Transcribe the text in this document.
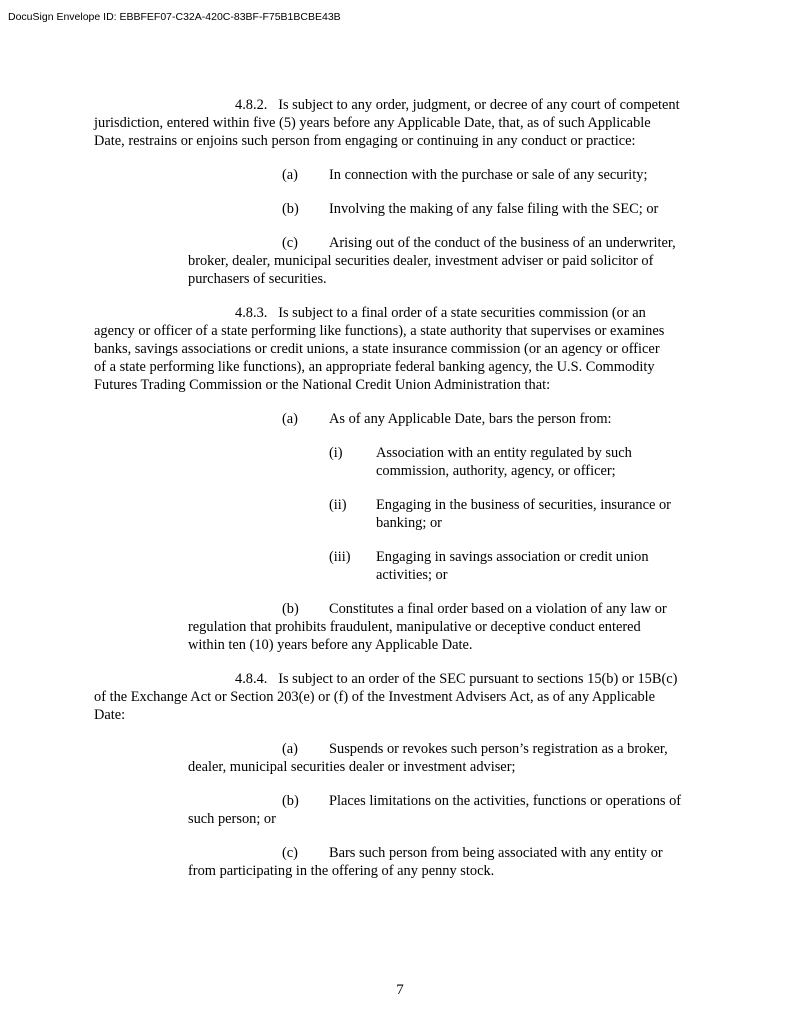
DocuSign Envelope ID: EBBFEF07-C32A-420C-83BF-F75B1BCBE43B
4.8.2. Is subject to any order, judgment, or decree of any court of competent
jurisdiction, entered within five (5) years before any Applicable Date, that, as of such Applicable
Date, restrains or enjoins such person from engaging or continuing in any conduct or practice:
(a) In connection with the purchase or sale of any security;
(b) Involving the making of any false filing with the SEC; or
(c) Arising out of the conduct of the business of an underwriter,
broker, dealer, municipal securities dealer, investment adviser or paid solicitor of
purchasers of securities.
4.8.3. Is subject to a final order of a state securities commission (or an
agency or officer of a state performing like functions), a state authority that supervises or examines
banks, savings associations or credit unions, a state insurance commission (or an agency or officer
of a state performing like functions), an appropriate federal banking agency, the U.S. Commodity
Futures Trading Commission or the National Credit Union Administration that:
(a) As of any Applicable Date, bars the person from:
(i) Association with an entity regulated by such
commission, authority, agency, or officer;
(ii) Engaging in the business of securities, insurance or
banking; or
(iii) Engaging in savings association or credit union
activities; or
(b) Constitutes a final order based on a violation of any law or
regulation that prohibits fraudulent, manipulative or deceptive conduct entered
within ten (10) years before any Applicable Date.
4.8.4. Is subject to an order of the SEC pursuant to sections 15(b) or 15B(c)
of the Exchange Act or Section 203(e) or (f) of the Investment Advisers Act, as of any Applicable
Date:
(a) Suspends or revokes such person’s registration as a broker,
dealer, municipal securities dealer or investment adviser;
(b) Places limitations on the activities, functions or operations of
such person; or
(c) Bars such person from being associated with any entity or
from participating in the offering of any penny stock.
7
